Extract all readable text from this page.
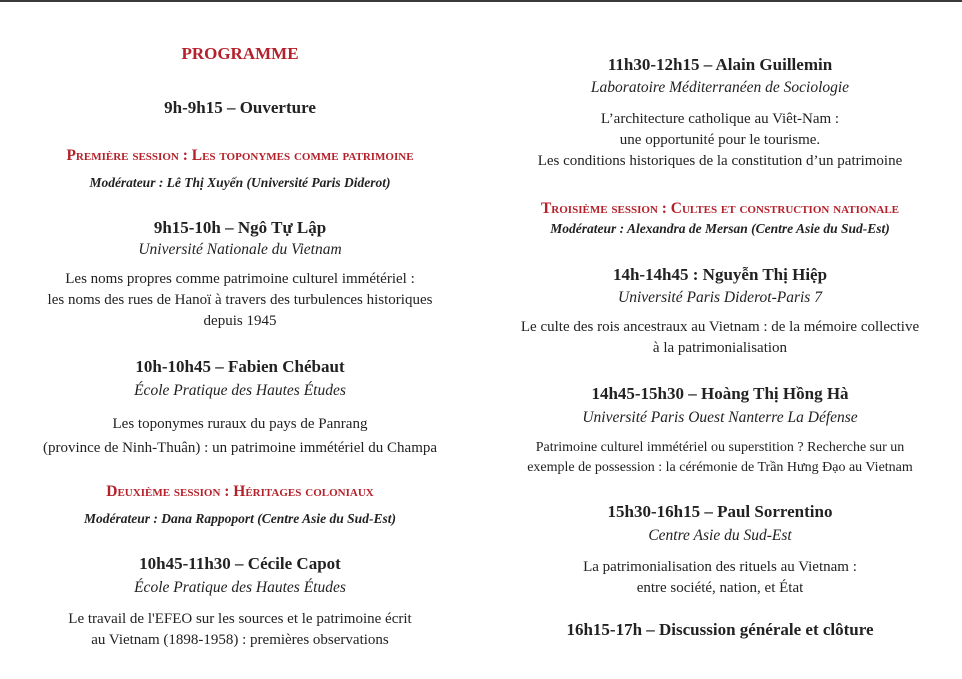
PROGRAMME
9h-9h15 – Ouverture
Première session : Les toponymes comme patrimoine
Modérateur : Lê Thị Xuyến (Université Paris Diderot)
9h15-10h – Ngô Tự Lập
Université Nationale du Vietnam
Les noms propres comme patrimoine culturel immétériel :
les noms des rues de Hanoï à travers des turbulences historiques
depuis 1945
10h-10h45 – Fabien Chébaut
École Pratique des Hautes Études
Les toponymes ruraux du pays de Panrang
(province de Ninh-Thuân) : un patrimoine immétériel du Champa
Deuxième session : Héritages coloniaux
Modérateur : Dana Rappoport (Centre Asie du Sud-Est)
10h45-11h30 – Cécile Capot
École Pratique des Hautes Études
Le travail de l'EFEO sur les sources et le patrimoine écrit
au Vietnam (1898-1958) : premières observations
11h30-12h15 – Alain Guillemin
Laboratoire Méditerranéen de Sociologie
L’architecture catholique au Viêt-Nam :
une opportunité pour le tourisme.
Les conditions historiques de la constitution d’un patrimoine
Troisième session : Cultes et construction nationale
Modérateur : Alexandra de Mersan (Centre Asie du Sud-Est)
14h-14h45 : Nguyễn Thị Hiệp
Université Paris Diderot-Paris 7
Le culte des rois ancestraux au Vietnam : de la mémoire collective
à la patrimonialisation
14h45-15h30 – Hoàng Thị Hồng Hà
Université Paris Ouest Nanterre La Défense
Patrimoine culturel immétériel ou superstition ? Recherche sur un
exemple de possession : la cérémonie de Trần Hưng Đạo au Vietnam
15h30-16h15 – Paul Sorrentino
Centre Asie du Sud-Est
La patrimonialisation des rituels au Vietnam :
entre société, nation, et État
16h15-17h – Discussion générale et clôture
